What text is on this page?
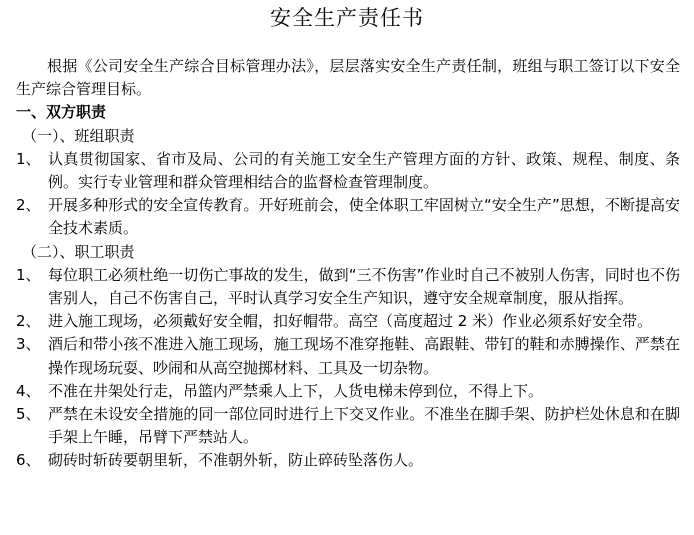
安全生产责任书

根据《公司安全生产综合目标管理办法》，层层落实安全生产责任制，班组与职工签订以下安全生产综合管理目标。

一、双方职责

（一）、班组职责

1、 认真贯彻国家、省市及局、公司的有关施工安全生产管理方面的方针、政策、规程、制度、条例。实行专业管理和群众管理相结合的监督检查管理制度。
2、 开展多种形式的安全宣传教育。开好班前会，使全体职工牢固树立“安全生产”思想，不断提高安全技术素质。

（二）、职工职责

1、 每位职工必须杜绝一切伤亡事故的发生，做到“三不伤害”作业时自己不被别人伤害，同时也不伤害别人，自己不伤害自己，平时认真学习安全生产知识，遵守安全规章制度，服从指挥。
2、 进入施工现场，必须戴好安全帽，扣好帽带。高空（高度超过 2 米）作业必须系好安全带。
3、 酒后和带小孩不准进入施工现场，施工现场不准穿拖鞋、高跟鞋、带钉的鞋和赤膊操作、严禁在操作现场玩耍、吵闹和从高空抛掷材料、工具及一切杂物。
4、 不准在井架处行走，吊篮内严禁乘人上下，人货电梯未停到位，不得上下。
5、 严禁在未设安全措施的同一部位同时进行上下交叉作业。不准坐在脚手架、防护栏处休息和在脚手架上午睡，吊臂下严禁站人。
6、 砌砖时斩砖要朝里斩，不准朝外斩，防止碎砖坠落伤人。
